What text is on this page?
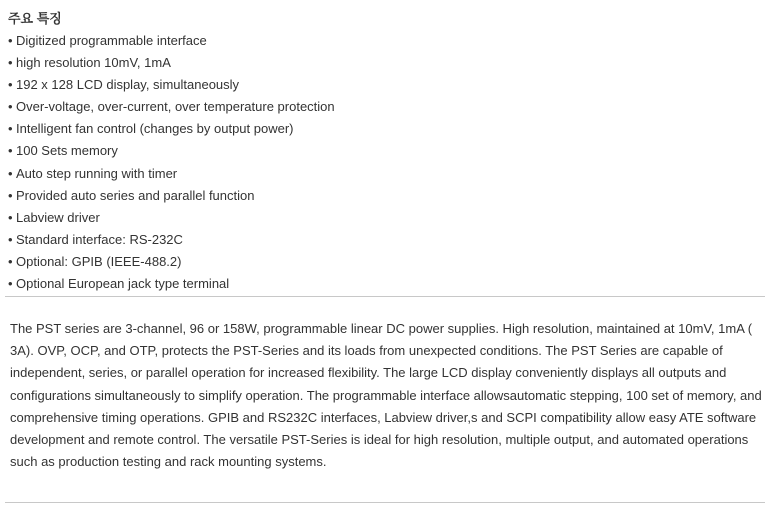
주요 특징
• Digitized programmable interface
• high resolution 10mV, 1mA
• 192 x 128 LCD display, simultaneously
• Over-voltage, over-current, over temperature protection
• Intelligent fan control (changes by output power)
• 100 Sets memory
• Auto step running with timer
• Provided auto series and parallel function
• Labview driver
• Standard interface: RS-232C
• Optional: GPIB (IEEE-488.2)
• Optional European jack type terminal

The PST series are 3-channel, 96 or 158W, programmable linear DC power supplies. High resolution, maintained at 10mV, 1mA ( 3A). OVP, OCP, and OTP, protects the PST-Series and its loads from unexpected conditions. The PST Series are capable of independent, series, or parallel operation for increased flexibility. The large LCD display conveniently displays all outputs and configurations simultaneously to simplify operation. The programmable interface allowsautomatic stepping, 100 set of memory, and comprehensive timing operations. GPIB and RS232C interfaces, Labview driver,s and SCPI compatibility allow easy ATE software development and remote control. The versatile PST-Series is ideal for high resolution, multiple output, and automated operations such as production testing and rack mounting systems.
